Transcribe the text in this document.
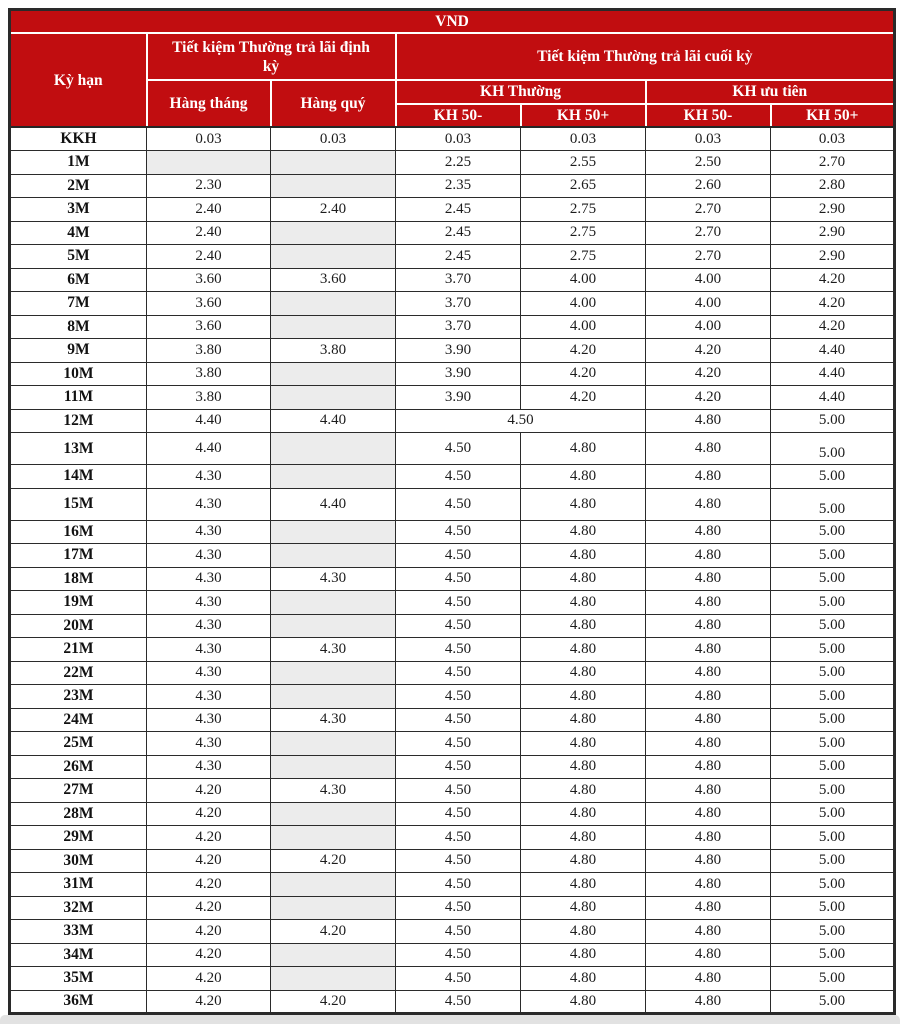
VND						
Kỳ hạn	Tiết kiệm Thường trả lãi định kỳ		Tiết kiệm Thường trả lãi cuối kỳ			
	Hàng tháng	Hàng quý	KH Thường		KH ưu tiên	
			KH 50-	KH 50+	KH 50-	KH 50+
KKH	0.03	0.03	0.03	0.03	0.03	0.03
1M			2.25	2.55	2.50	2.70
2M	2.30		2.35	2.65	2.60	2.80
3M	2.40	2.40	2.45	2.75	2.70	2.90
4M	2.40		2.45	2.75	2.70	2.90
5M	2.40		2.45	2.75	2.70	2.90
6M	3.60	3.60	3.70	4.00	4.00	4.20
7M	3.60		3.70	4.00	4.00	4.20
8M	3.60		3.70	4.00	4.00	4.20
9M	3.80	3.80	3.90	4.20	4.20	4.40
10M	3.80		3.90	4.20	4.20	4.40
11M	3.80		3.90	4.20	4.20	4.40
12M	4.40	4.40	4.50		4.80	5.00
13M	4.40		4.50	4.80	4.80	5.00
14M	4.30		4.50	4.80	4.80	5.00
15M	4.30	4.40	4.50	4.80	4.80	5.00
16M	4.30		4.50	4.80	4.80	5.00
17M	4.30		4.50	4.80	4.80	5.00
18M	4.30	4.30	4.50	4.80	4.80	5.00
19M	4.30		4.50	4.80	4.80	5.00
20M	4.30		4.50	4.80	4.80	5.00
21M	4.30	4.30	4.50	4.80	4.80	5.00
22M	4.30		4.50	4.80	4.80	5.00
23M	4.30		4.50	4.80	4.80	5.00
24M	4.30	4.30	4.50	4.80	4.80	5.00
25M	4.30		4.50	4.80	4.80	5.00
26M	4.30		4.50	4.80	4.80	5.00
27M	4.20	4.30	4.50	4.80	4.80	5.00
28M	4.20		4.50	4.80	4.80	5.00
29M	4.20		4.50	4.80	4.80	5.00
30M	4.20	4.20	4.50	4.80	4.80	5.00
31M	4.20		4.50	4.80	4.80	5.00
32M	4.20		4.50	4.80	4.80	5.00
33M	4.20	4.20	4.50	4.80	4.80	5.00
34M	4.20		4.50	4.80	4.80	5.00
35M	4.20		4.50	4.80	4.80	5.00
36M	4.20	4.20	4.50	4.80	4.80	5.00
